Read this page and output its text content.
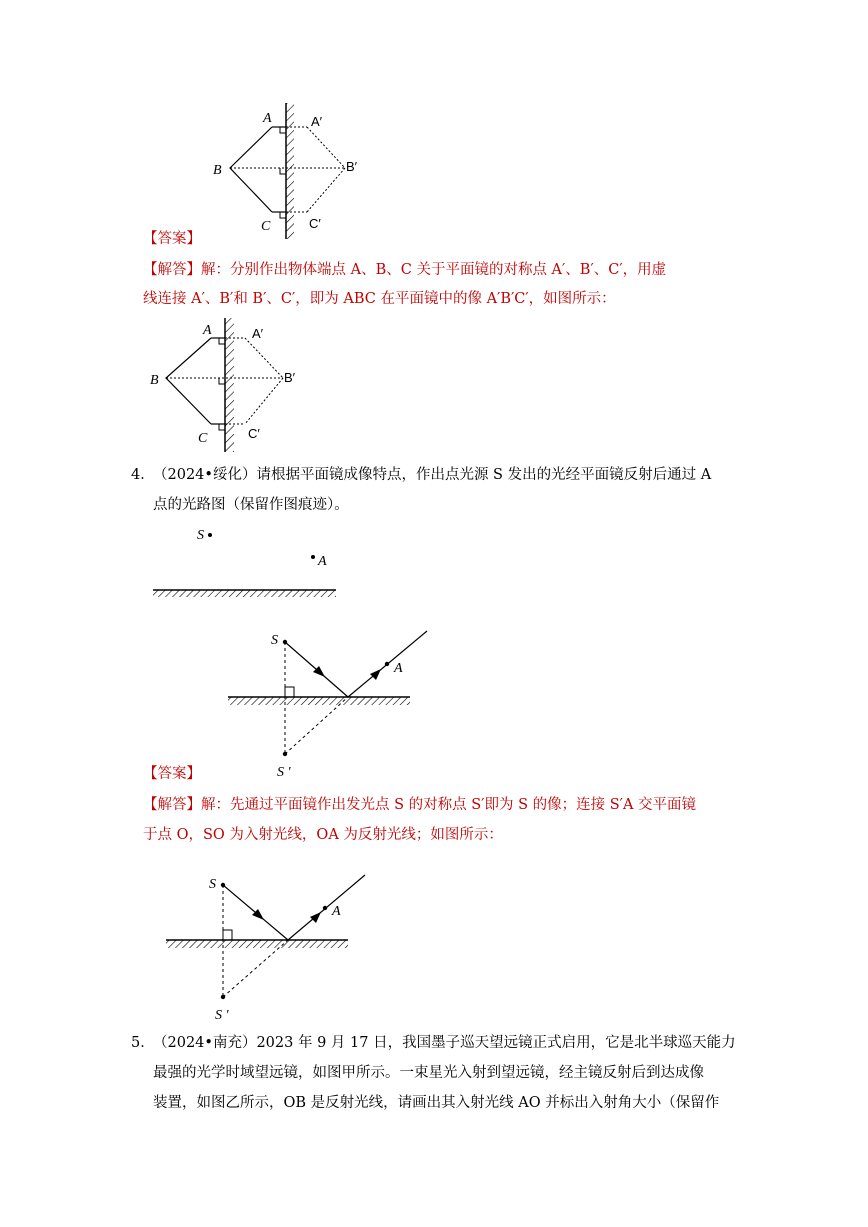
A
B
C
A′
B′
C′
【答案】
【解答】解：分别作出物体端点 A、B、C 关于平面镜的对称点 A′、B′、C′，用虚
线连接 A′、B′和 B′、C′，即为 ABC 在平面镜中的像 A′B′C′，如图所示：
A
B
C
A′
B′
C′
4．
（2024•绥化）请根据平面镜成像特点，作出点光源 S 发出的光经平面镜反射后通过 A
点的光路图（保留作图痕迹）。
S
A
S
A
S ′
【答案】
【解答】解：先通过平面镜作出发光点 S 的对称点 S′即为 S 的像；连接 S′A 交平面镜
于点 O，SO 为入射光线，OA 为反射光线；如图所示：
S
A
S ′
5．
（2024•南充）2023 年 9 月 17 日，我国墨子巡天望远镜正式启用，它是北半球巡天能力
最强的光学时域望远镜，如图甲所示。一束星光入射到望远镜，经主镜反射后到达成像
装置，如图乙所示，OB 是反射光线，请画出其入射光线 AO 并标出入射角大小（保留作
